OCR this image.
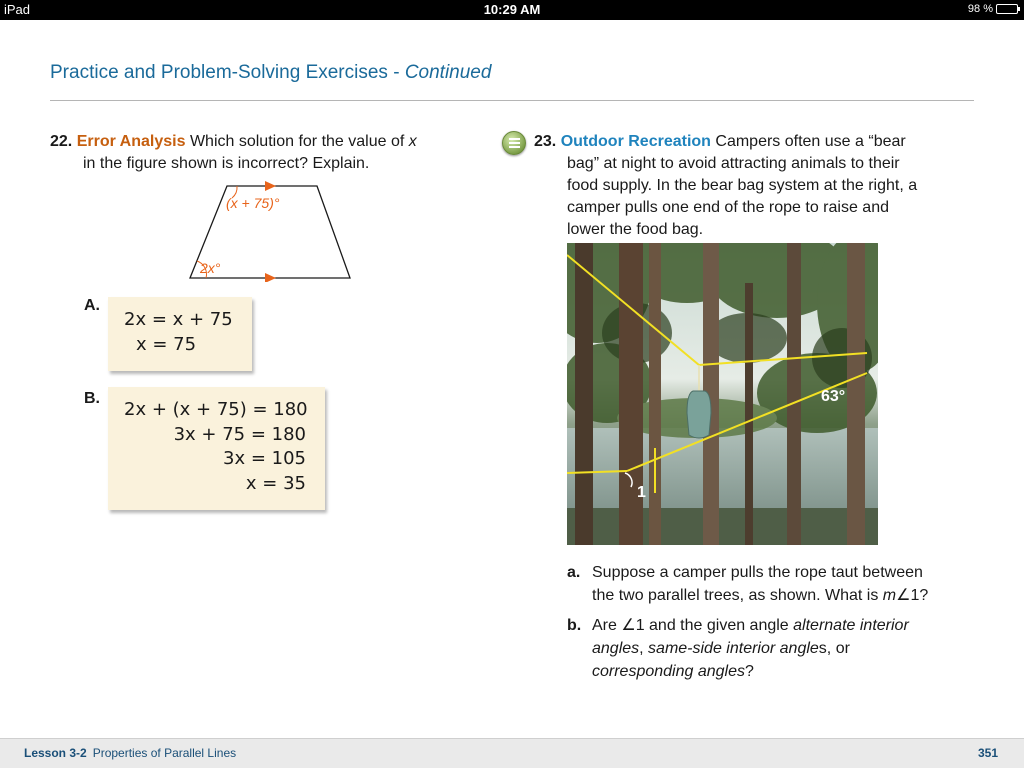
iPad	10:29 AM	98 %
Practice and Problem-Solving Exercises - Continued
22. Error Analysis Which solution for the value of x
in the figure shown is incorrect? Explain.
(x + 75)°
2x°
A.
2x = x + 75
x = 75
B.
2x + (x + 75) = 180
3x + 75 = 180
3x = 105
x = 35
23. Outdoor Recreation Campers often use a “bear
bag” at night to avoid attracting animals to their
food supply. In the bear bag system at the right, a
camper pulls one end of the rope to raise and
lower the food bag.
1
63°
a. Suppose a camper pulls the rope taut between
the two parallel trees, as shown. What is m∠1?
b. Are ∠1 and the given angle alternate interior
angles, same-side interior angles, or
corresponding angles?
Lesson 3-2 Properties of Parallel Lines	351
